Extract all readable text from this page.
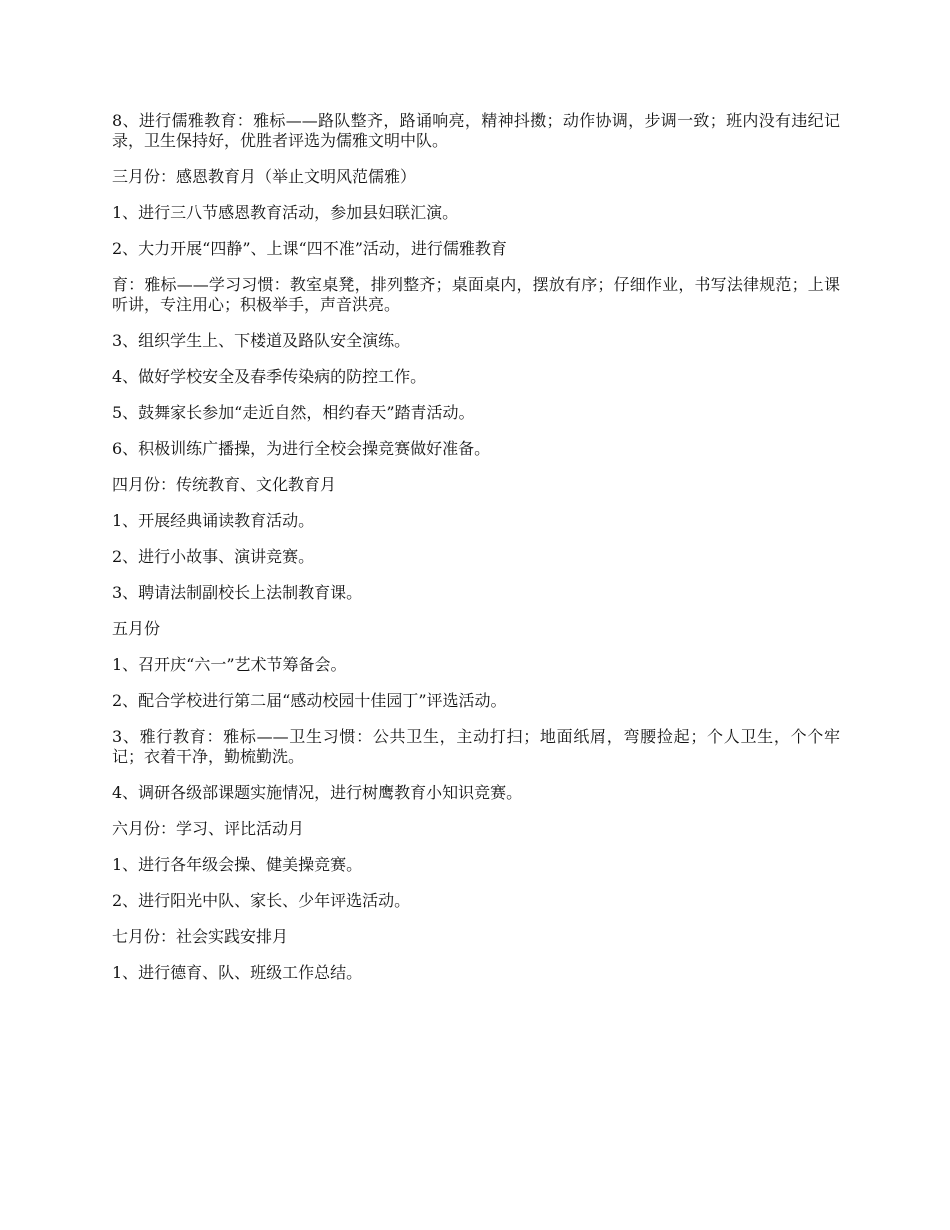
8、进行儒雅教育：雅标——路队整齐，路诵响亮，精神抖擞；动作协调，步调一致；班内没有违纪记录，卫生保持好，优胜者评选为儒雅文明中队。

三月份：感恩教育月（举止文明风范儒雅）

1、进行三八节感恩教育活动，参加县妇联汇演。

2、大力开展“四静”、上课“四不准”活动，进行儒雅教育

育：雅标——学习习惯：教室桌凳，排列整齐；桌面桌内，摆放有序；仔细作业，书写法律规范；上课听讲，专注用心；积极举手，声音洪亮。

3、组织学生上、下楼道及路队安全演练。

4、做好学校安全及春季传染病的防控工作。

5、鼓舞家长参加“走近自然，相约春天”踏青活动。

6、积极训练广播操，为进行全校会操竞赛做好准备。

四月份：传统教育、文化教育月

1、开展经典诵读教育活动。

2、进行小故事、演讲竞赛。

3、聘请法制副校长上法制教育课。

五月份

1、召开庆“六一”艺术节筹备会。

2、配合学校进行第二届“感动校园十佳园丁”评选活动。

3、雅行教育：雅标——卫生习惯：公共卫生，主动打扫；地面纸屑，弯腰捡起；个人卫生，个个牢记；衣着干净，勤梳勤洗。

4、调研各级部课题实施情况，进行树鹰教育小知识竞赛。

六月份：学习、评比活动月

1、进行各年级会操、健美操竞赛。

2、进行阳光中队、家长、少年评选活动。

七月份：社会实践安排月

1、进行德育、队、班级工作总结。
